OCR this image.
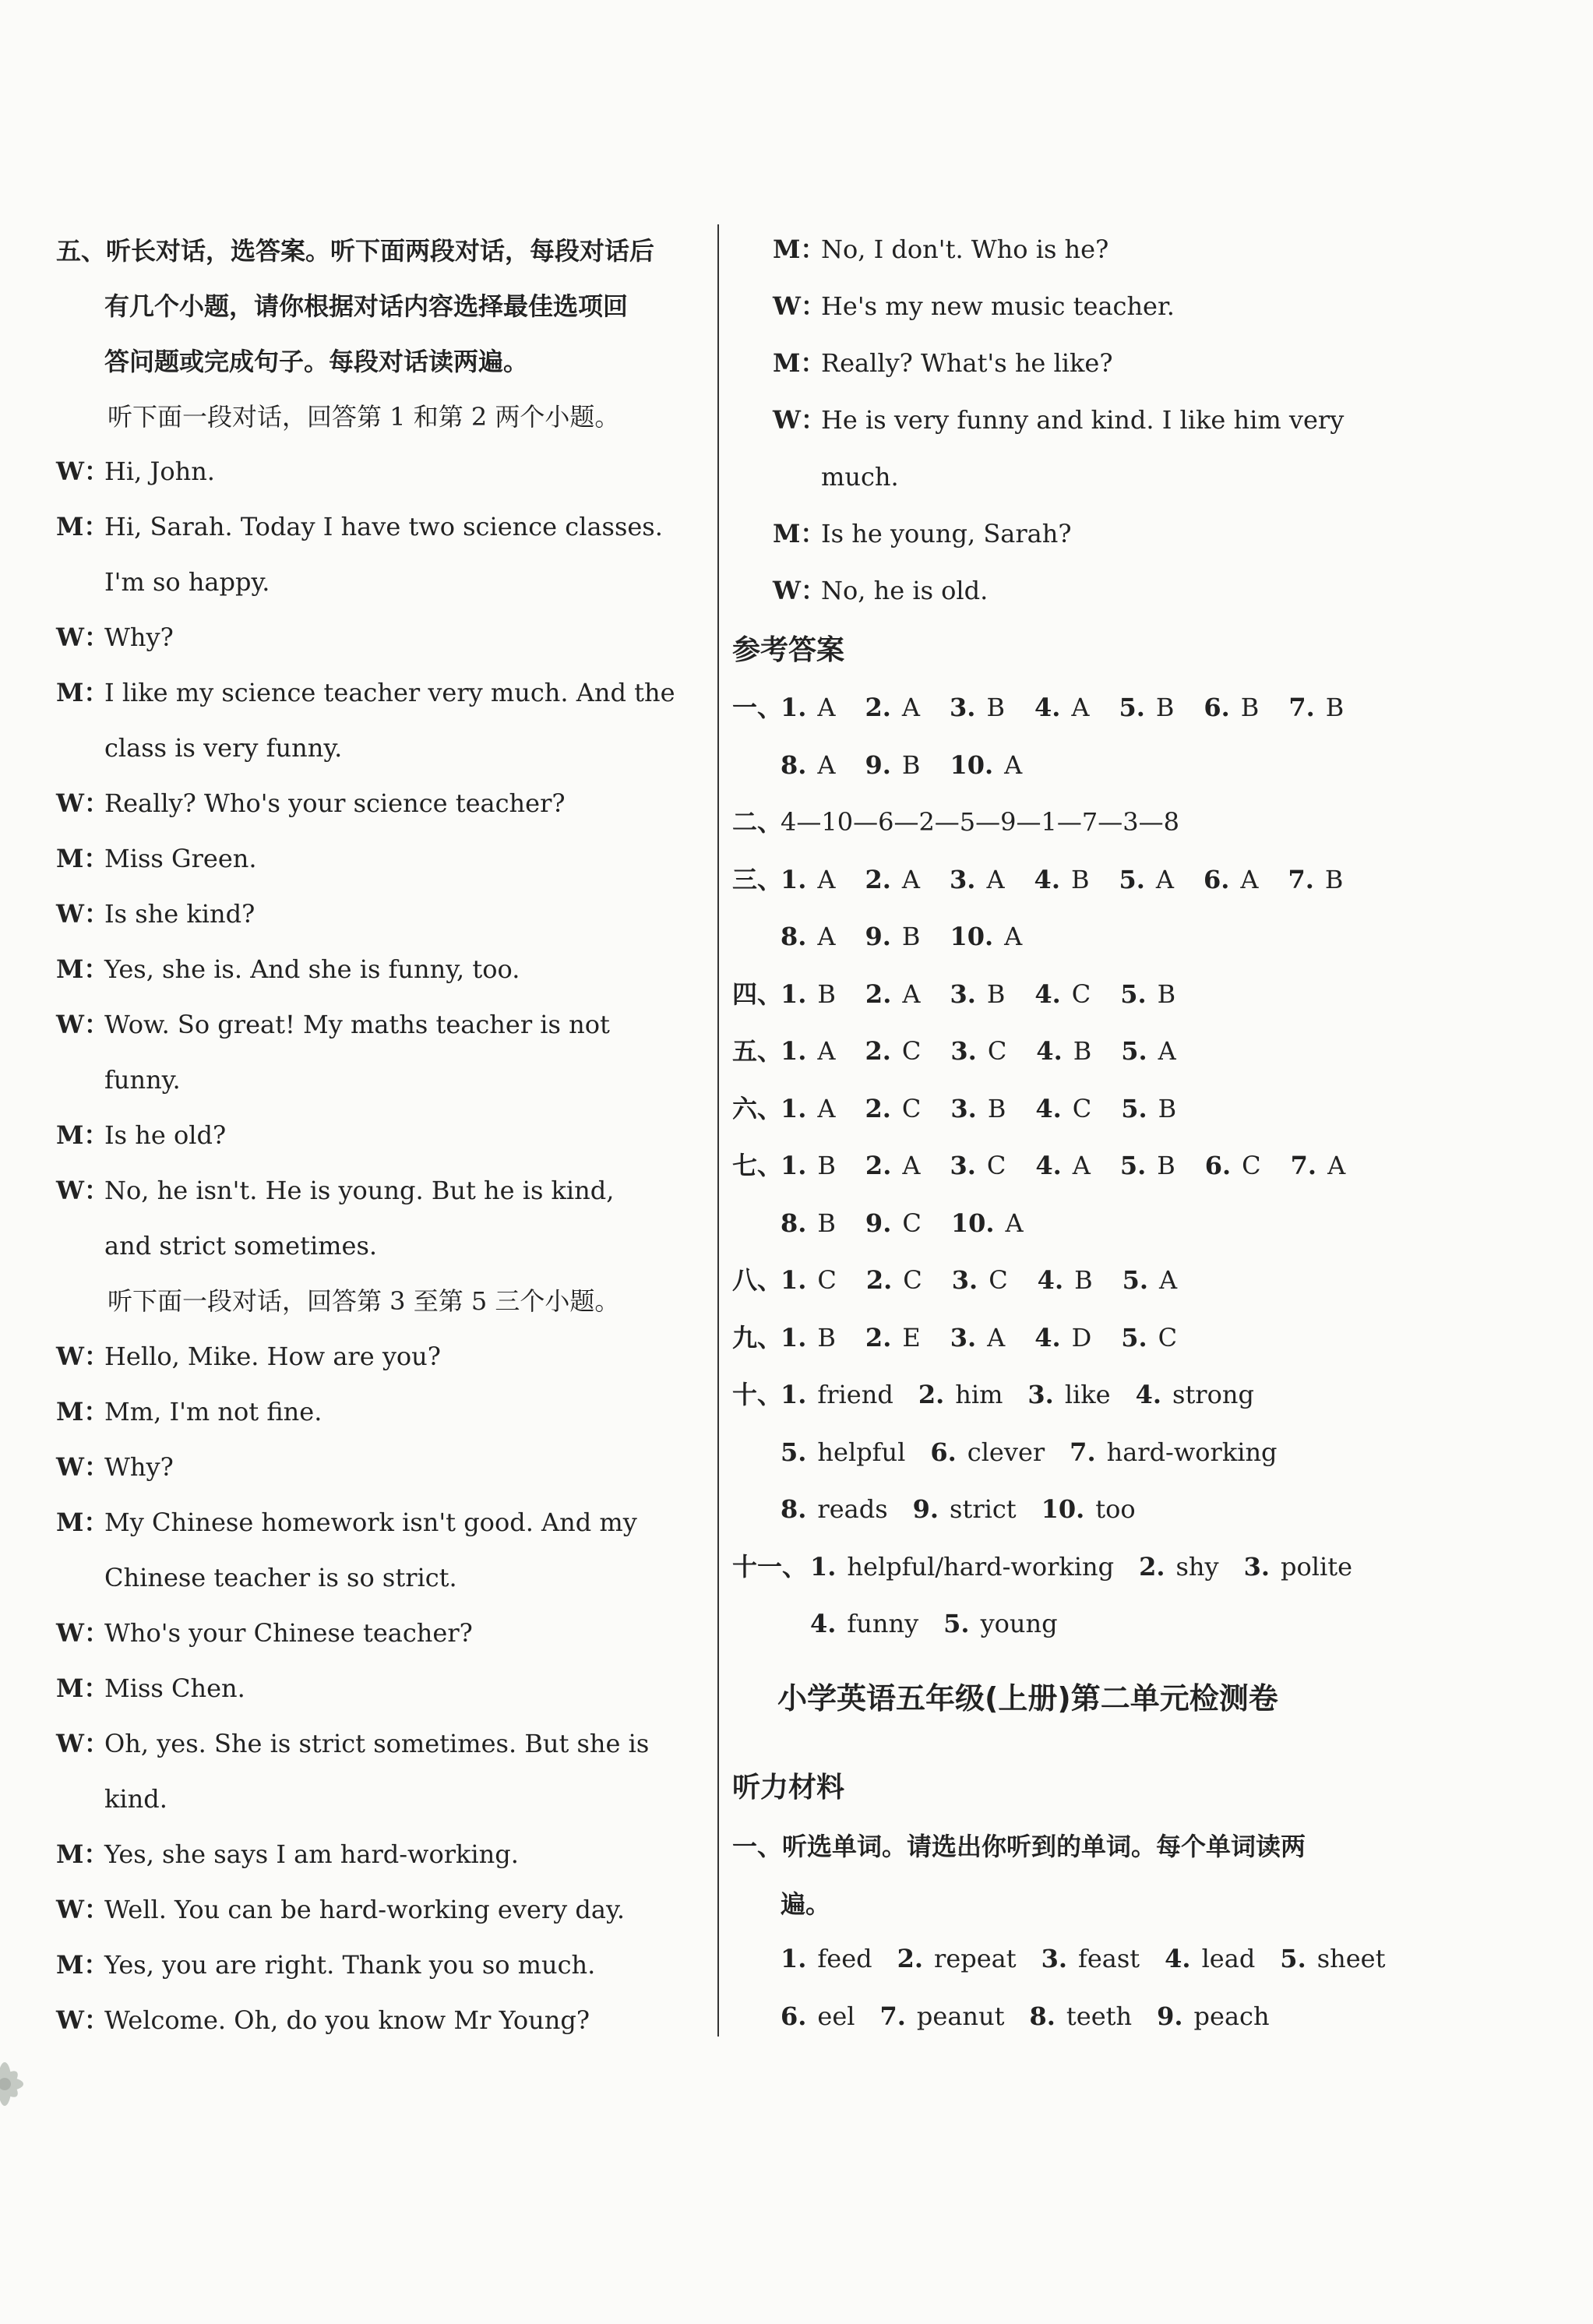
五、听长对话，选答案。听下面两段对话，每段对话后
有几个小题，请你根据对话内容选择最佳选项回
答问题或完成句子。每段对话读两遍。
听下面一段对话，回答第 1 和第 2 两个小题。
W：Hi, John.
M：Hi, Sarah. Today I have two science classes.
I'm so happy.
W：Why?
M：I like my science teacher very much. And the
class is very funny.
W：Really? Who's your science teacher?
M：Miss Green.
W：Is she kind?
M：Yes, she is. And she is funny, too.
W：Wow. So great! My maths teacher is not
funny.
M：Is he old?
W：No, he isn't. He is young. But he is kind,
and strict sometimes.
听下面一段对话，回答第 3 至第 5 三个小题。
W：Hello, Mike. How are you?
M：Mm, I'm not fine.
W：Why?
M：My Chinese homework isn't good. And my
Chinese teacher is so strict.
W：Who's your Chinese teacher?
M：Miss Chen.
W：Oh, yes. She is strict sometimes. But she is
kind.
M：Yes, she says I am hard-working.
W：Well. You can be hard-working every day.
M：Yes, you are right. Thank you so much.
W：Welcome. Oh, do you know Mr Young?
M：No, I don't. Who is he?
W：He's my new music teacher.
M：Really? What's he like?
W：He is very funny and kind. I like him very
much.
M：Is he young, Sarah?
W：No, he is old.
参考答案
一、1. A 2. A 3. B 4. A 5. B 6. B 7. B
8. A 9. B 10. A
二、4—10—6—2—5—9—1—7—3—8
三、1. A 2. A 3. A 4. B 5. A 6. A 7. B
8. A 9. B 10. A
四、1. B 2. A 3. B 4. C 5. B
五、1. A 2. C 3. C 4. B 5. A
六、1. A 2. C 3. B 4. C 5. B
七、1. B 2. A 3. C 4. A 5. B 6. C 7. A
8. B 9. C 10. A
八、1. C 2. C 3. C 4. B 5. A
九、1. B 2. E 3. A 4. D 5. C
十、1. friend 2. him 3. like 4. strong
5. helpful 6. clever 7. hard-working
8. reads 9. strict 10. too
十一、 1. helpful/hard-working 2. shy 3. polite
4. funny 5. young
小学英语五年级(上册)第二单元检测卷
听力材料
一、听选单词。请选出你听到的单词。每个单词读两
遍。
1. feed 2. repeat 3. feast 4. lead 5. sheet
6. eel 7. peanut 8. teeth 9. peach
